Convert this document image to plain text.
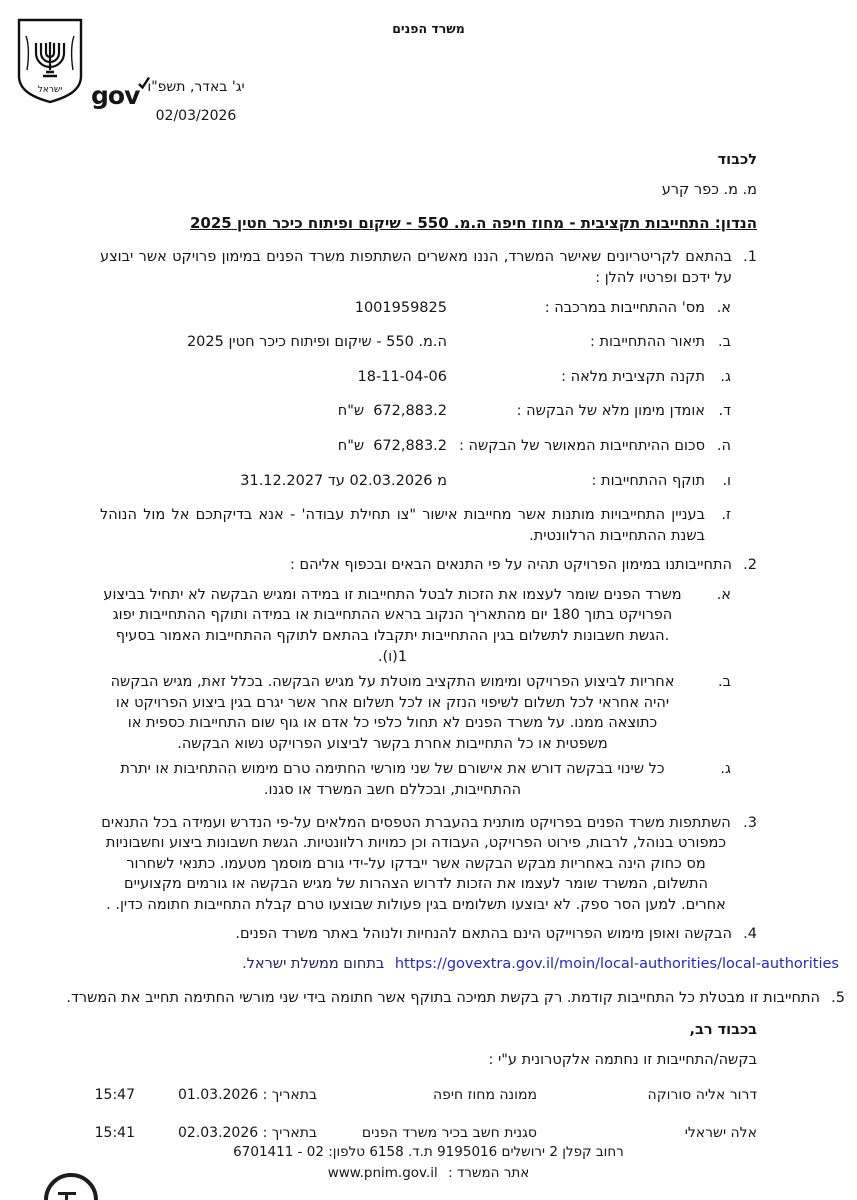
משרד הפנים
ישראל gov יג' באדר, תשפ"ו
02/03/2026
לכבוד
מ. מ. כפר קרע
הנדון: התחייבות תקציבית - מחוז חיפה ה.מ. 550 - שיקום ופיתוח כיכר חטין 2025
1.
בהתאם לקריטריונים שאישר המשרד, הננו מאשרים השתתפות משרד הפנים במימון פרויקט אשר יבוצע על ידכם ופרטיו להלן :
א.
מס' ההתחייבות במרכבה :
1001959825
ב.
תיאור ההתחייבות :
ה.מ. 550 - שיקום ופיתוח כיכר חטין 2025
ג.
תקנה תקציבית מלאה :
18-11-04-06
ד.
אומדן מימון מלא של הבקשה :
672,883.2
ש"ח
ה.
סכום ההיתחייבות המאושר של הבקשה :
672,883.2
ש"ח
ו.
תוקף ההתחייבות :
מ 02.03.2026 עד 31.12.2027
ז.
בעניין התחייבויות מותנות אשר מחייבות אישור "צו תחילת עבודה' - אנא בדיקתכם אל מול הנוהל בשנת ההתחייבות הרלוונטית.
2.
התחייבותנו במימון הפרויקט תהיה על פי התנאים הבאים ובכפוף אליהם :
א.
משרד הפנים שומר לעצמו את הזכות לבטל התחייבות זו במידה ומגיש הבקשה לא יתחיל בביצוע הפרויקט בתוך 180 יום מהתאריך הנקוב בראש ההתחייבות או במידה ותוקף ההתחייבות יפוג .הגשת חשבונות לתשלום בגין ההתחייבות יתקבלו בהתאם לתוקף ההתחייבות האמור בסעיף 1(ו).
ב.
אחריות לביצוע הפרויקט ומימוש התקציב מוטלת על מגיש הבקשה. בכלל זאת, מגיש הבקשה יהיה אחראי לכל תשלום לשיפוי הנזק או לכל תשלום אחר אשר יגרם בגין ביצוע הפרויקט או כתוצאה ממנו. על משרד הפנים לא תחול כלפי כל אדם או גוף שום התחייבות כספית או משפטית או כל התחייבות אחרת בקשר לביצוע הפרויקט נשוא הבקשה.
ג.
כל שינוי בבקשה דורש את אישורם של שני מורשי החתימה טרם מימוש ההתחיבות או יתרת ההתחייבות, ובכללם חשב המשרד או סגנו.
3.
השתתפות משרד הפנים בפרויקט מותנית בהעברת הטפסים המלאים על-פי הנדרש ועמידה בכל התנאים כמפורט בנוהל, לרבות, פירוט הפרויקט, העבודה וכן כמויות רלוונטיות. הגשת חשבונות ביצוע וחשבוניות מס כחוק הינה באחריות מבקש הבקשה אשר ייבדקו על-ידי גורם מוסמך מטעמו. כתנאי לשחרור התשלום, המשרד שומר לעצמו את הזכות לדרוש הצהרות של מגיש הבקשה או גורמים מקצועיים אחרים. למען הסר ספק. לא יבוצעו תשלומים בגין פעולות שבוצעו טרם קבלת התחייבות חתומה כדין. .
4.
הבקשה ואופן מימוש הפרוייקט הינם בהתאם להנחיות ולנוהל באתר משרד הפנים.
https://govextra.gov.il/moin/local-authorities/local-authorities בתחום ממשלת ישראל.
5.
התחייבות זו מבטלת כל התחייבות קודמת. רק בקשת תמיכה בתוקף אשר חתומה בידי שני מורשי החתימה תחייב את המשרד.
בכבוד רב,
בקשה/התחייבות זו נחתמה אלקטרונית ע"י :
דרור אליה סורוקה
ממונה מחוז חיפה
בתאריך : 01.03.2026
15:47
אלה ישראלי
סגנית חשב בכיר משרד הפנים
בתאריך : 02.03.2026
15:41
רחוב קפלן 2 ירושלים 9195016 ת.ד. 6158 טלפון: 02 - 6701411
אתר המשרד : www.pnim.gov.il
